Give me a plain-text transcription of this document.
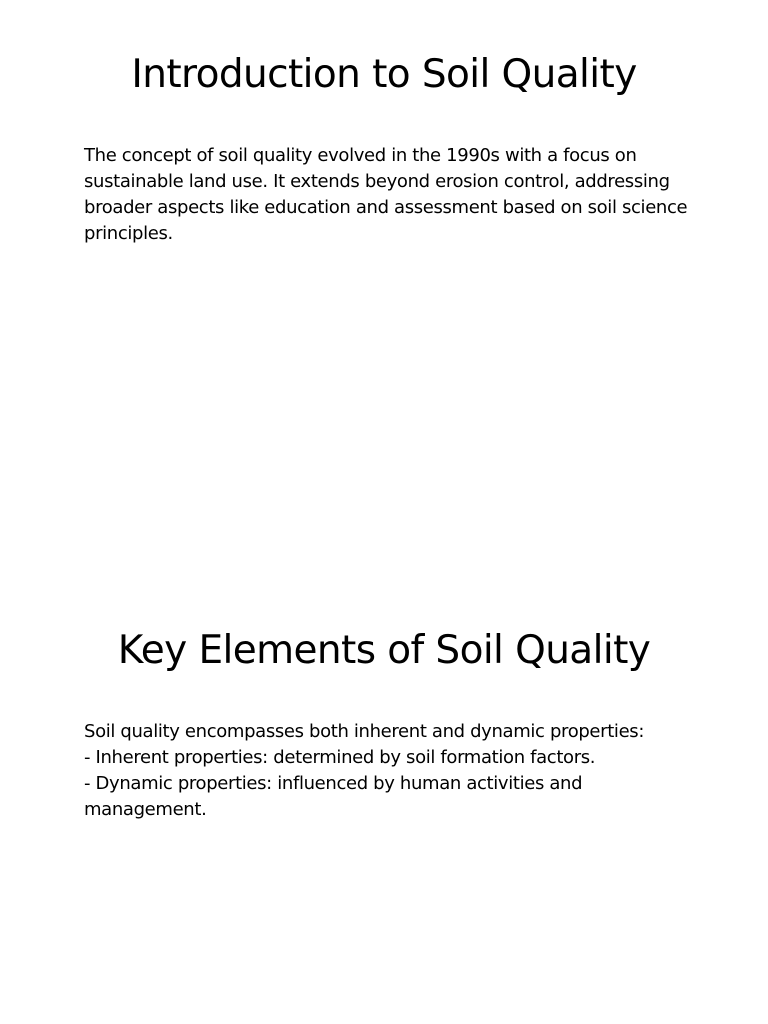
Introduction to Soil Quality

The concept of soil quality evolved in the 1990s with a focus on sustainable land use. It extends beyond erosion control, addressing broader aspects like education and assessment based on soil science principles.

Key Elements of Soil Quality

Soil quality encompasses both inherent and dynamic properties:

- Inherent properties: determined by soil formation factors.

- Dynamic properties: influenced by human activities and management.
